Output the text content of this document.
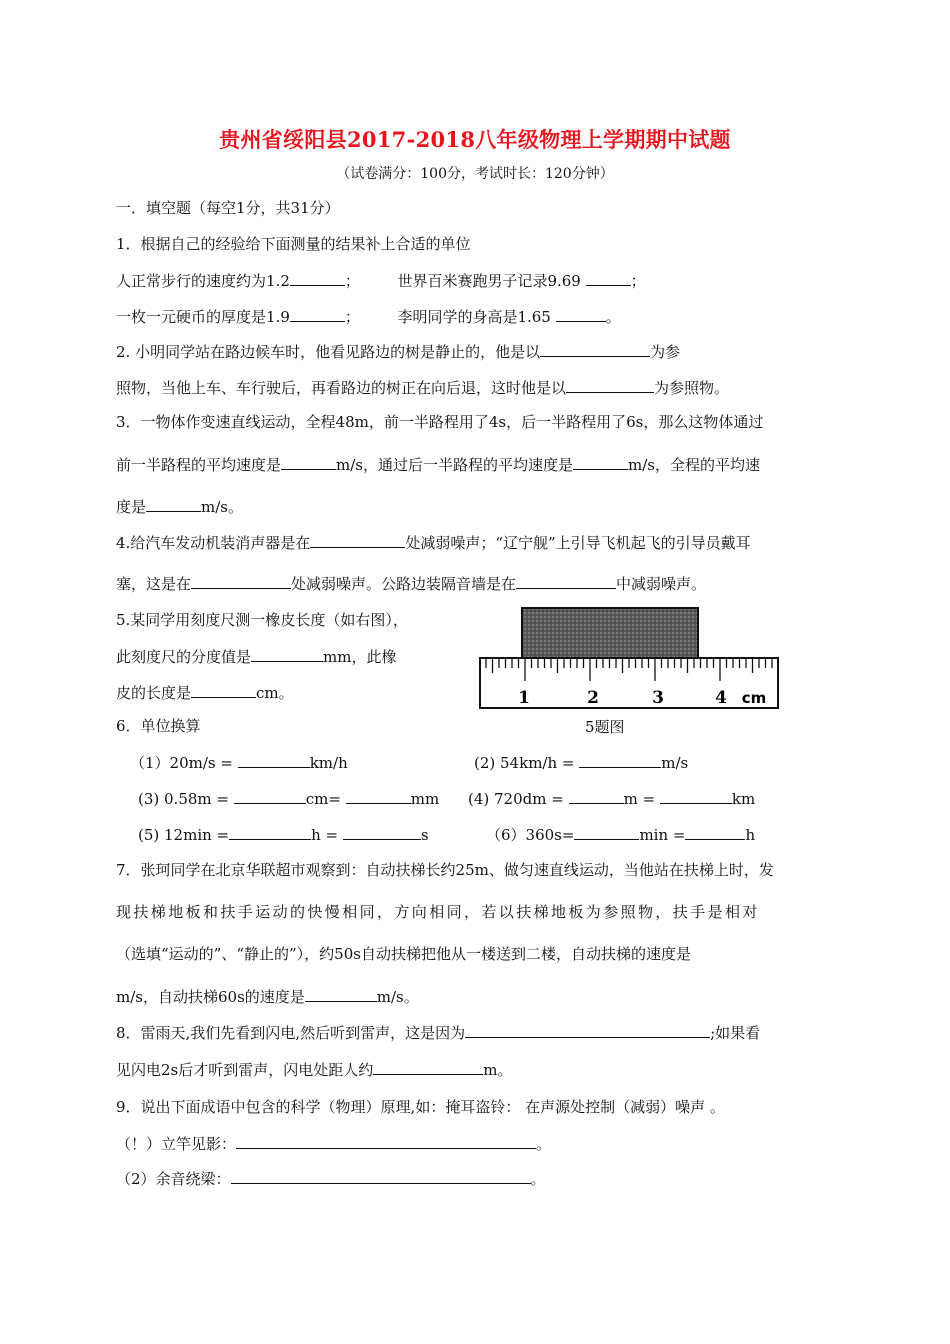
贵州省绥阳县2017-2018八年级物理上学期期中试题
（试卷满分：100分，考试时长：120分钟）
一．填空题（每空1分，共31分）
1．根据自己的经验给下面测量的结果补上合适的单位
人正常步行的速度约为1.2	；	世界百米赛跑男子记录9.69	；
一枚一元硬币的厚度是1.9	；	李明同学的身高是1.65	。
2. 小明同学站在路边候车时，他看见路边的树是静止的，他是以	为参
照物，当他上车、车行驶后，再看路边的树正在向后退，这时他是以	为参照物。
3．一物体作变速直线运动，全程48m，前一半路程用了4s，后一半路程用了6s，那么这物体通过
前一半路程的平均速度是	m/s，通过后一半路程的平均速度是	m/s，全程的平均速
度是	m/s。
4.给汽车发动机装消声器是在	处减弱噪声；“辽宁舰”上引导飞机起飞的引导员戴耳
塞，这是在	处减弱噪声。公路边装隔音墙是在	中减弱噪声。
5.某同学用刻度尺测一橡皮长度（如右图），
此刻度尺的分度值是	mm，此橡
皮的长度是	cm。	1	2	3	4 cm
5题图
6．单位换算
（1）20m/s =	km/h	(2) 54km/h =	m/s
(3) 0.58m =	cm=	mm (4) 720dm =	m =	km
(5) 12min =	h =	s	（6）360s=	min =	h
7．张珂同学在北京华联超市观察到：自动扶梯长约25m、做匀速直线运动，当他站在扶梯上时，发
现扶梯地板和扶手运动的快慢相同，方向相同，若以扶梯地板为参照物，扶手是相对
（选填“运动的”、“静止的”），约50s自动扶梯把他从一楼送到二楼，自动扶梯的速度是
m/s，自动扶梯60s的速度是	m/s。
8．雷雨天,我们先看到闪电,然后听到雷声，这是因为	;如果看
见闪电2s后才听到雷声，闪电处距人约	m。
9．说出下面成语中包含的科学（物理）原理,如：掩耳盗铃： 在声源处控制（减弱）噪声 。
（！）立竿见影：	。
（2）余音绕梁：	。
